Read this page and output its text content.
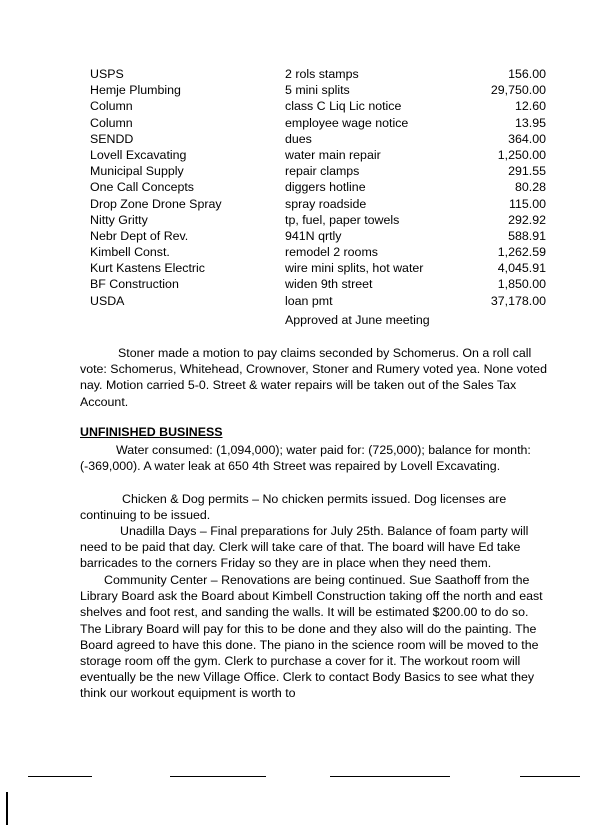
USPS	2 rols stamps	156.00
Hemje Plumbing	5 mini splits	29,750.00
Column	class C Liq Lic notice	12.60
Column	employee wage notice	13.95
SENDD	dues	364.00
Lovell Excavating	water main repair	1,250.00
Municipal Supply	repair clamps	291.55
One Call Concepts	diggers hotline	80.28
Drop Zone Drone Spray	spray roadside	115.00
Nitty Gritty	tp, fuel, paper towels	292.92
Nebr Dept of Rev.	941N qrtly	588.91
Kimbell Const.	remodel 2 rooms	1,262.59
Kurt Kastens Electric	wire mini splits, hot water	4,045.91
BF Construction	widen 9th street	1,850.00
USDA	loan pmt	37,178.00
Approved at June meeting

Stoner made a motion to pay claims seconded by Schomerus. On a roll call vote: Schomerus, Whitehead, Crownover, Stoner and Rumery voted yea. None voted nay. Motion carried 5-0. Street & water repairs will be taken out of the Sales Tax Account.

UNFINISHED BUSINESS

Water consumed: (1,094,000); water paid for: (725,000); balance for month: (-369,000). A water leak at 650 4th Street was repaired by Lovell Excavating.

Chicken & Dog permits – No chicken permits issued. Dog licenses are continuing to be issued.

Unadilla Days – Final preparations for July 25th. Balance of foam party will need to be paid that day. Clerk will take care of that. The board will have Ed take barricades to the corners Friday so they are in place when they need them.

Community Center – Renovations are being continued. Sue Saathoff from the Library Board ask the Board about Kimbell Construction taking off the north and east shelves and foot rest, and sanding the walls. It will be estimated $200.00 to do so. The Library Board will pay for this to be done and they also will do the painting. The Board agreed to have this done. The piano in the science room will be moved to the storage room off the gym. Clerk to purchase a cover for it. The workout room will eventually be the new Village Office. Clerk to contact Body Basics to see what they think our workout equipment is worth to
